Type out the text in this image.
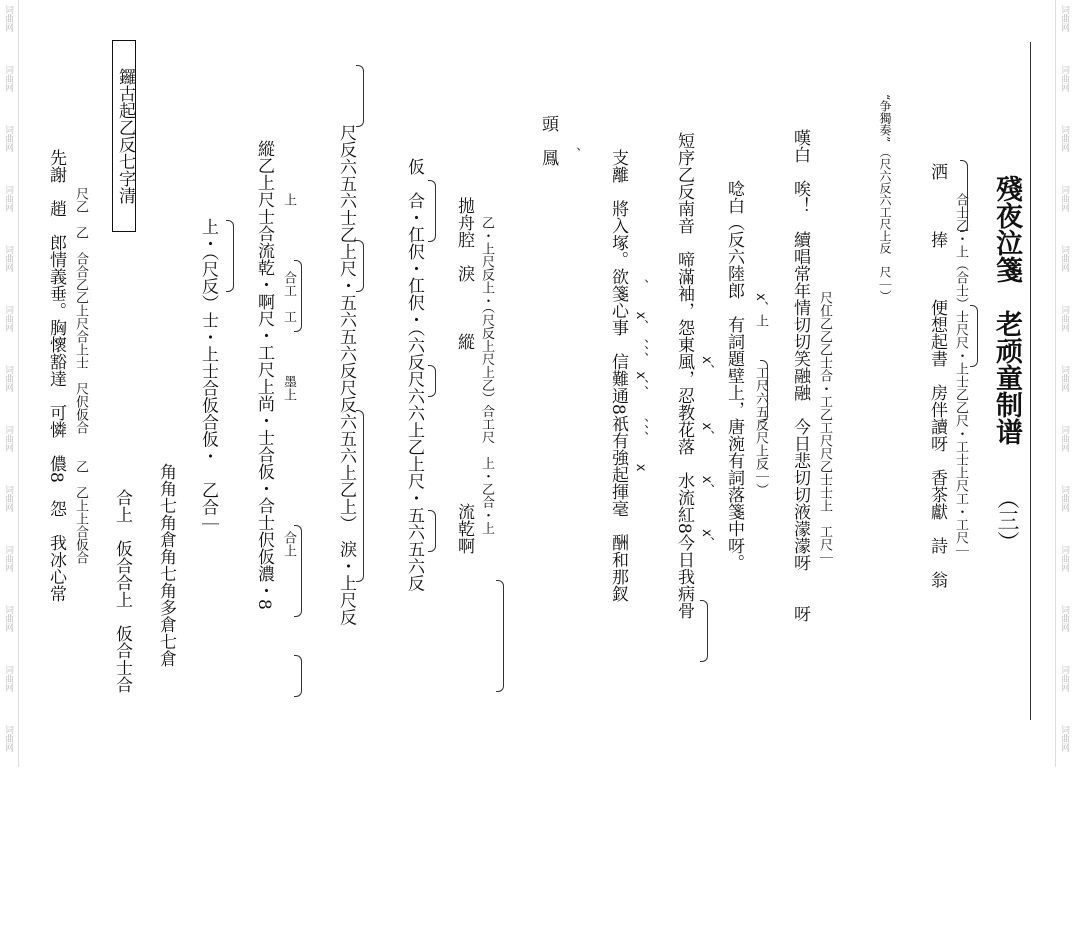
词曲网
词曲网
词曲网
词曲网
词曲网
词曲网
词曲网
词曲网
词曲网
词曲网
词曲网
词曲网
词曲网
词曲网
词曲网
词曲网
词曲网
词曲网
词曲网
词曲网
词曲网
词曲网
词曲网
词曲网
词曲网
词曲网
殘夜泣箋　老顽童制谱
（三）
“争獨奏” （尺六反六工尺上反　尺｜） 洒　　　捧　　　便想起書　房伴讀呀　香茶獻　詩　翁 合士乙・上（合士）士尺尺・上士乙乙尺・工士上尺工・工尺｜
嘆白　唉！　續唱常年情切切笑融融　今日悲切切液濛濛呀　　呀 　　　　　　　　尺仜乙乙乙士合・工乙工尺尺乙士士上　工尺｜
唸白（反六陸郎　有詞題壁上，唐涴有詞落箋中呀。 　　　x、上　　　工尺六五反尺上反｜）
短序乙反南音　啼滿袖，怨東風，忍教花落　水流紅8今日我病骨 　　　　　　　　　　　　x、　　　　x、　　　x、　　　x、
支離　將入塚。欲箋心事　信難通8祇有強起揮毫　酬和那釵 、　　x、　、、、　x、、　　、、、　　x
頭　鳳 　　、
拋舟腔　淚　　　縱　　　　　　　　　流乾啊 乙・上尺反上・（尺反上尺上乙）合工尺　上・乙合・上
仮　合・仜伬・仜伬・（六反尺六六上乙上尺・五六五六反
尺反六五六士乙上尺・五六五六反尺反六五六上乙上）　淚・上尺反
縱乙上尺士合流乾・啊尺・工尺上尚・士合仮・合士伬仮濃・8 上　　　　　合工　工　　　　墨上　　　　　　　　　　合上
上・（尺反）士・上士合仮合仮・　乙合｜
角角七角倉角七角多倉七倉
合上　仮合合上　仮合士合
鑼古起乙反七字清
先謝　趙　郎情義垂。胸懷豁達　可憐　儂8　怨　我冰心常 尺乙　乙　合合乙乙上尺合上士　尺伬仮合　　乙　乙上上合仮合
